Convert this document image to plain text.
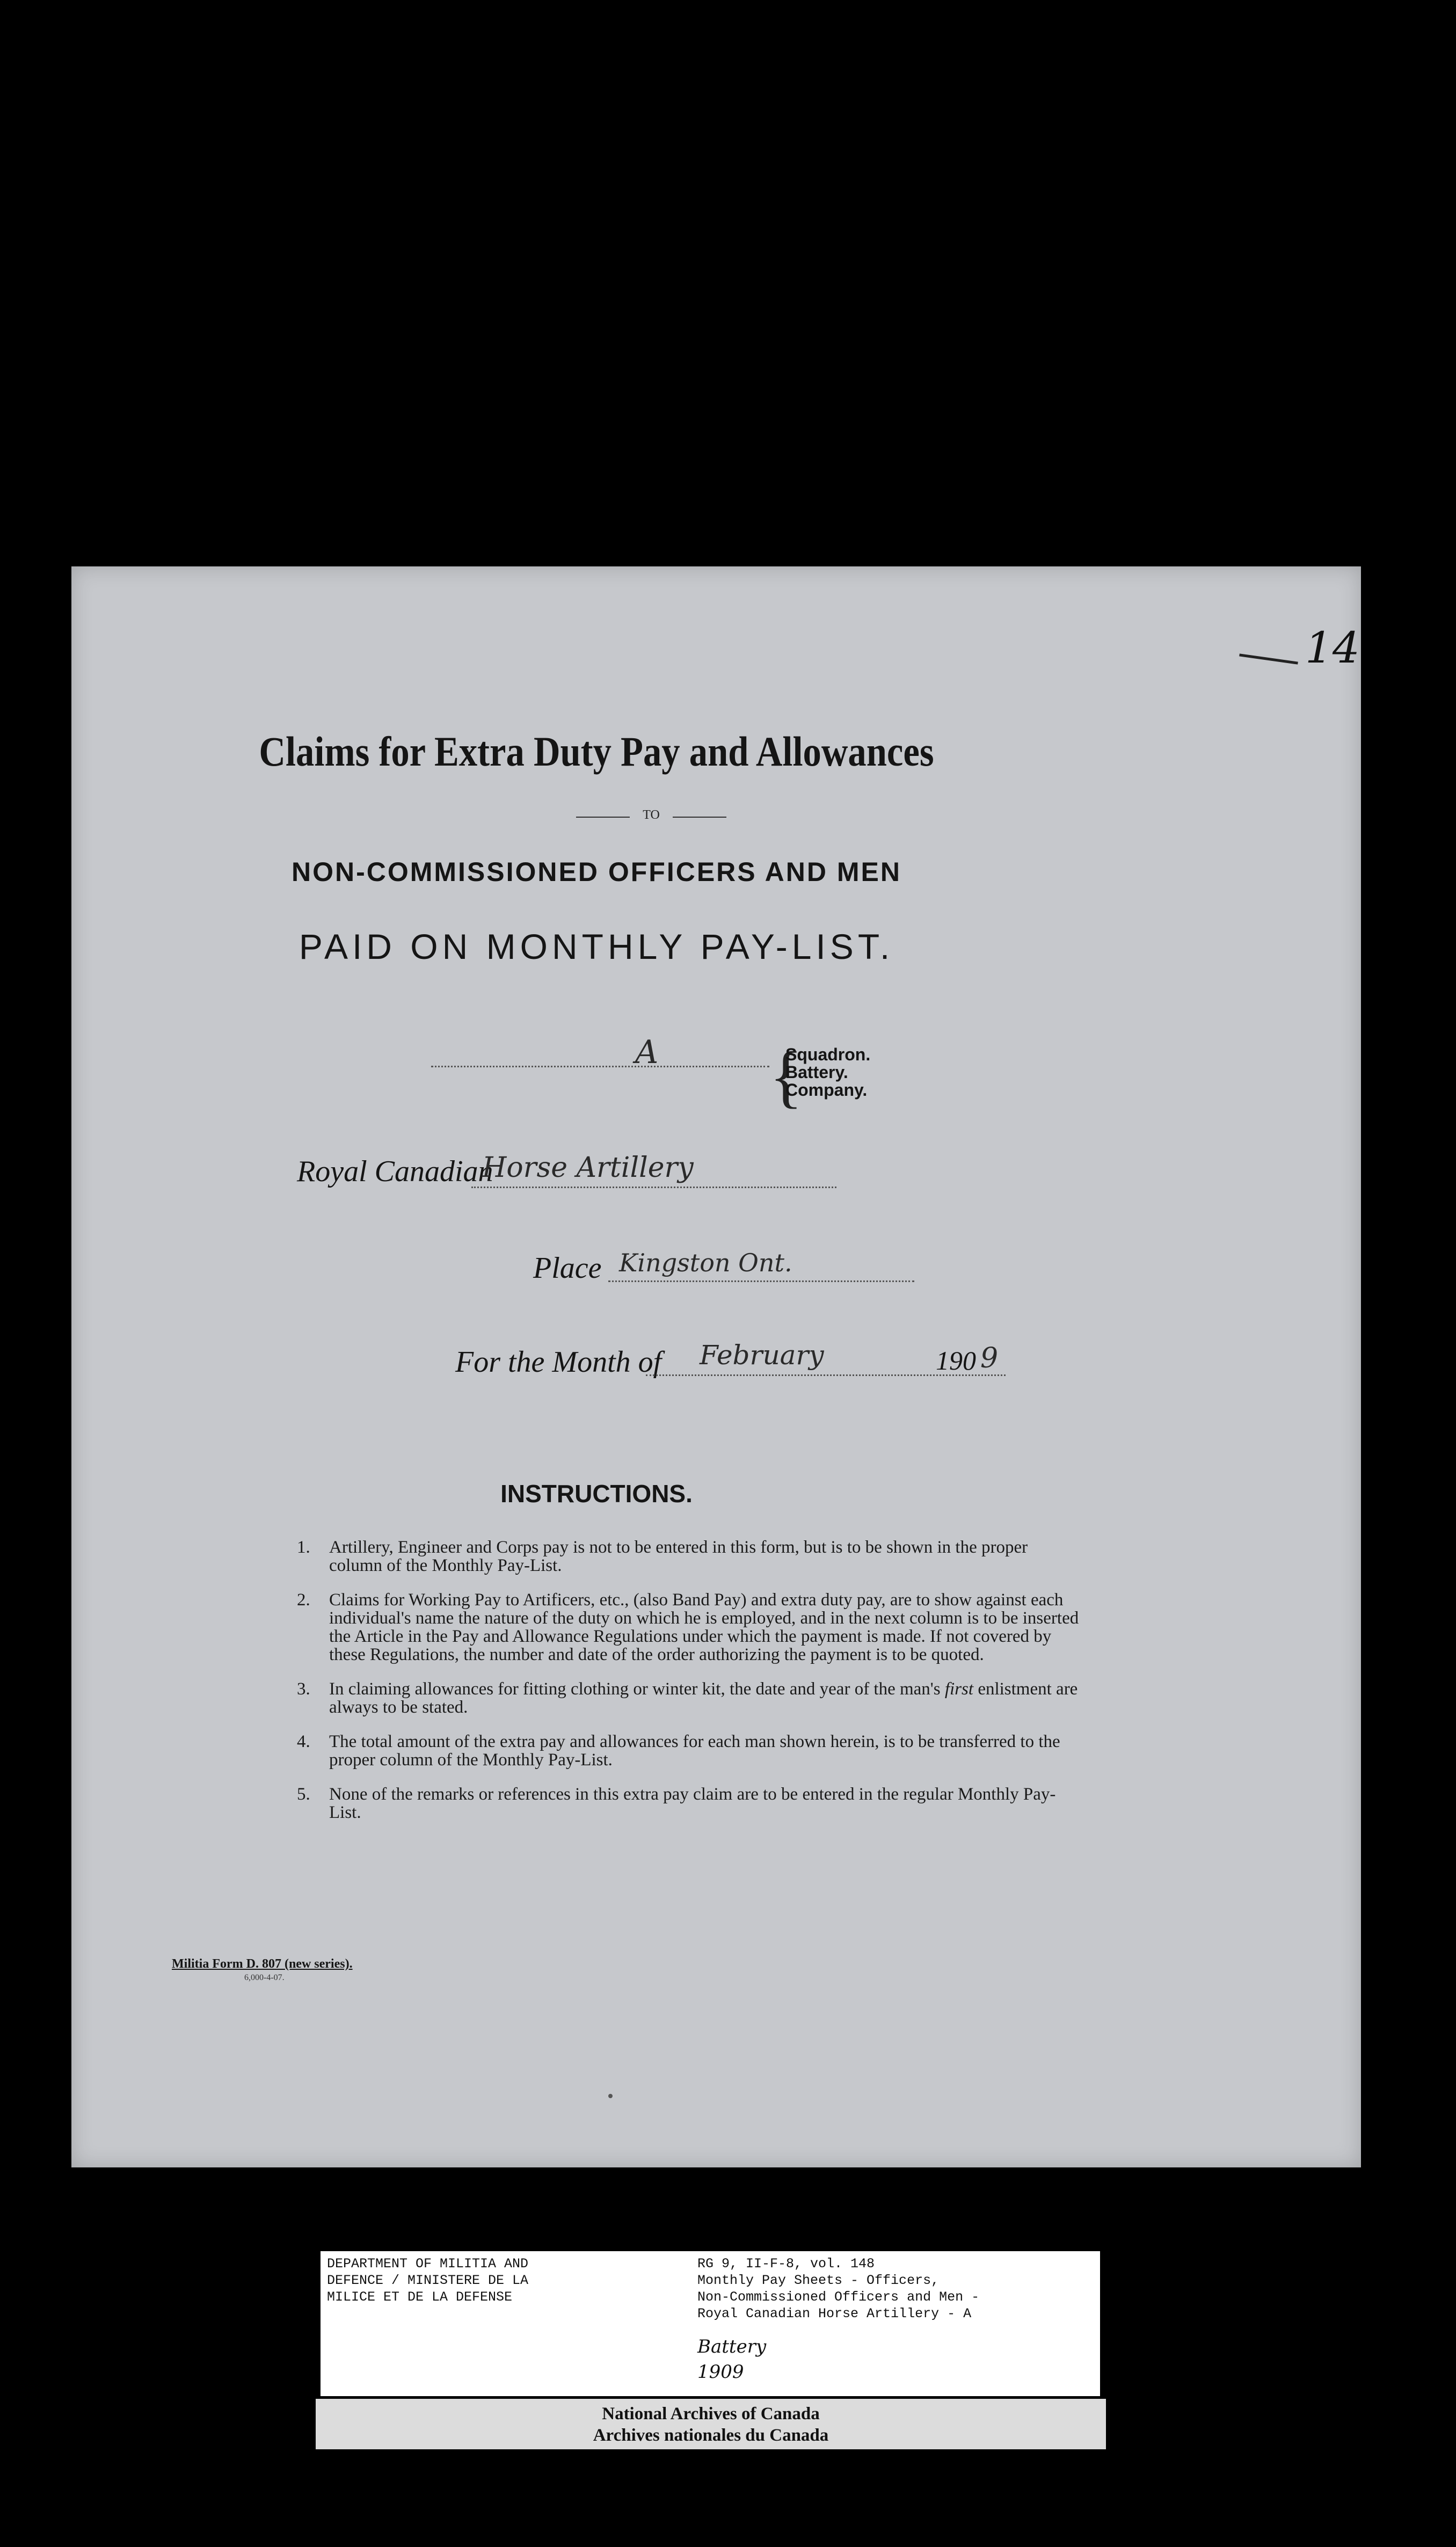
14
Claims for Extra Duty Pay and Allowances
TO
NON-COMMISSIONED OFFICERS AND MEN
PAID ON MONTHLY PAY-LIST.
A {
Squadron.
Battery.
Company.
Royal Canadian
Horse Artillery
Place Kingston Ont.
For the Month of February	190 9
INSTRUCTIONS.
1. Artillery, Engineer and Corps pay is not to be entered in this form, but is to be shown in the proper column of the Monthly Pay-List.
2. Claims for Working Pay to Artificers, etc., (also Band Pay) and extra duty pay, are to show against each individual's name the nature of the duty on which he is employed, and in the next column is to be inserted the Article in the Pay and Allowance Regulations under which the payment is made. If not covered by these Regulations, the number and date of the order authorizing the payment is to be quoted.
3. In claiming allowances for fitting clothing or winter kit, the date and year of the man's first enlistment are always to be stated.
4. The total amount of the extra pay and allowances for each man shown herein, is to be transferred to the proper column of the Monthly Pay-List.
5. None of the remarks or references in this extra pay claim are to be entered in the regular Monthly Pay-List.
Militia Form D. 807 (new series).
6,000-4-07.
DEPARTMENT OF MILITIA AND
DEFENCE / MINISTERE DE LA
MILICE ET DE LA DEFENSE
RG 9, II-F-8, vol. 148
Monthly Pay Sheets - Officers,
Non-Commissioned Officers and Men -
Royal Canadian Horse Artillery - A
Battery
1909
National Archives of Canada
Archives nationales du Canada
